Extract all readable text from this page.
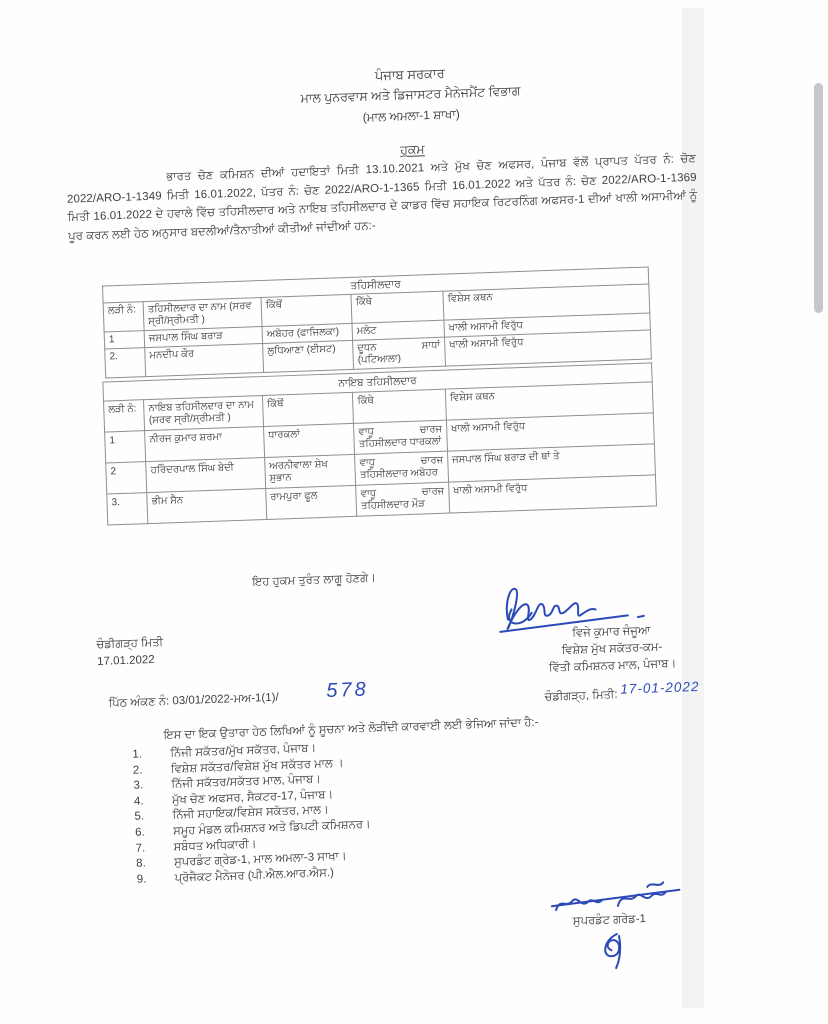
ਪੰਜਾਬ ਸਰਕਾਰ
ਮਾਲ ਪੁਨਰਵਾਸ ਅਤੇ ਡਿਜਾਸਟਰ ਮੈਨੇਜਮੈਂਟ ਵਿਭਾਗ
(ਮਾਲ ਅਮਲਾ-1 ਸ਼ਾਖਾ)
ਹੁਕਮ
ਭਾਰਤ ਚੋਣ ਕਮਿਸ਼ਨ ਦੀਆਂ ਹਦਾਇਤਾਂ ਮਿਤੀ 13.10.2021 ਅਤੇ ਮੁੱਖ ਚੋਣ ਅਫਸਰ, ਪੰਜਾਬ ਵੱਲੋਂ ਪ੍ਰਾਪਤ ਪੱਤਰ ਨੰ: ਚੋਣ 2022/ARO-1-1349 ਮਿਤੀ 16.01.2022, ਪੱਤਰ ਨੰ: ਚੋਣ 2022/ARO-1-1365 ਮਿਤੀ 16.01.2022 ਅਤੇ ਪੱਤਰ ਨੰ: ਚੋਣ 2022/ARO-1-1369 ਮਿਤੀ 16.01.2022 ਦੇ ਹਵਾਲੇ ਵਿੱਚ ਤਹਿਸੀਲਦਾਰ ਅਤੇ ਨਾਇਬ ਤਹਿਸੀਲਦਾਰ ਦੇ ਕਾਡਰ ਵਿੱਚ ਸਹਾਇਕ ਰਿਟਰਨਿੰਗ ਅਫਸਰ-1 ਦੀਆਂ ਖਾਲੀ ਅਸਾਮੀਆਂ ਨੂੰ ਪੂਰ ਕਰਨ ਲਈ ਹੇਠ ਅਨੁਸਾਰ ਬਦਲੀਆਂ/ਤੈਨਾਤੀਆਂ ਕੀਤੀਆਂ ਜਾਂਦੀਆਂ ਹਨ:-
ਤਹਿਸੀਲਦਾਰ				
ਲੜੀ ਨੰ:	ਤਹਿਸੀਲਦਾਰ ਦਾ ਨਾਮ (ਸਰਵ ਸ੍ਰੀ/ਸ੍ਰੀਮਤੀ )	ਕਿੱਥੋਂ	ਕਿੱਥੇ	ਵਿਸ਼ੇਸ ਕਥਨ
1	ਜਸਪਾਲ ਸਿੰਘ ਬਰਾੜ	ਅਬੋਹਰ (ਫਾਜਿਲਕਾ)	ਮਲੋਟ	ਖਾਲੀ ਅਸਾਮੀ ਵਿਰੁੱਧ
2.	ਮਨਦੀਪ ਕੌਰ	ਲੁਧਿਆਣਾ (ਈਸਟ)	ਦੂਧਨ ਸਾਧਾਂ (ਪਟਿਆਲਾ)	ਖਾਲੀ ਅਸਾਮੀ ਵਿਰੁੱਧ
ਨਾਇਬ ਤਹਿਸੀਲਦਾਰ				
ਲੜੀ ਨੰ:	ਨਾਇਬ ਤਹਿਸੀਲਦਾਰ ਦਾ ਨਾਮ (ਸਰਵ ਸ੍ਰੀ/ਸ੍ਰੀਮਤੀ )	ਕਿੱਥੋਂ	ਕਿੱਥੇ	ਵਿਸ਼ੇਸ ਕਥਨ
1	ਨੀਰਜ ਕੁਮਾਰ ਸ਼ਰਮਾ	ਧਾਰਕਲਾਂ	ਵਾਧੂ ਚਾਰਜ ਤਹਿਸੀਲਦਾਰ ਧਾਰਕਲਾਂ	ਖਾਲੀ ਅਸਾਮੀ ਵਿਰੁੱਧ
2	ਹਰਿੰਦਰਪਾਲ ਸਿੰਘ ਬੇਦੀ	ਅਰਨੀਵਾਲਾ ਸ਼ੇਖ ਸੁਭਾਨ	ਵਾਧੂ ਚਾਰਜ ਤਹਿਸੀਲਦਾਰ ਅਬੋਹਰ	ਜਸਪਾਲ ਸਿੰਘ ਬਰਾੜ ਦੀ ਥਾਂ ਤੇ
3.	ਭੀਮ ਸੈਨ	ਰਾਮਪੁਰਾ ਫੂਲ	ਵਾਧੂ ਚਾਰਜ ਤਹਿਸੀਲਦਾਰ ਮੌੜ	ਖਾਲੀ ਅਸਾਮੀ ਵਿਰੁੱਧ
ਇਹ ਹੁਕਮ ਤੁਰੰਤ ਲਾਗੂ ਹੋਣਗੇ।
ਵਿਜੇ ਕੁਮਾਰ ਜੰਜੂਆ
ਵਿਸ਼ੇਸ਼ ਮੁੱਖ ਸਕੱਤਰ-ਕਮ-
ਵਿੱਤੀ ਕਮਿਸ਼ਨਰ ਮਾਲ, ਪੰਜਾਬ।
ਚੰਡੀਗੜ੍ਹ ਮਿਤੀ
17.01.2022
ਪਿੱਠ ਅੰਕਣ ਨੰ: 03/01/2022-ਮਅ-1(1)/ 578	ਚੰਡੀਗੜ੍ਹ, ਮਿਤੀ: 17-01-2022
ਇਸ ਦਾ ਇਕ ਉਤਾਰਾ ਹੇਠ ਲਿਖਿਆਂ ਨੂੰ ਸੂਚਨਾ ਅਤੇ ਲੋੜੀਂਦੀ ਕਾਰਵਾਈ ਲਈ ਭੇਜਿਆ ਜਾਂਦਾ ਹੈ:-
1.	ਨਿੱਜੀ ਸਕੱਤਰ/ਮੁੱਖ ਸਕੱਤਰ, ਪੰਜਾਬ।
2.	ਵਿਸ਼ੇਸ਼ ਸਕੱਤਰ/ਵਿਸ਼ੇਸ਼ ਮੁੱਖ ਸਕੱਤਰ ਮਾਲ ।
3.	ਨਿੱਜੀ ਸਕੱਤਰ/ਸਕੱਤਰ ਮਾਲ, ਪੰਜਾਬ।
4.	ਮੁੱਖ ਚੋਣ ਅਫਸਰ, ਸੈਕਟਰ-17, ਪੰਜਾਬ।
5.	ਨਿੱਜੀ ਸਹਾਇਕ/ਵਿਸ਼ੇਸ ਸਕੱਤਰ, ਮਾਲ।
6.	ਸਮੂਹ ਮੰਡਲ ਕਮਿਸ਼ਨਰ ਅਤੇ ਡਿਪਟੀ ਕਮਿਸ਼ਨਰ।
7.	ਸਬੰਧਤ ਅਧਿਕਾਰੀ।
8.	ਸੁਪਰਡੰਟ ਗ੍ਰੇਡ-1, ਮਾਲ ਅਮਲਾ-3 ਸਾਖਾ।
9.	ਪ੍ਰੋਜੈਕਟ ਮੈਨੇਜਰ (ਪੀ.ਐਲ.ਆਰ.ਐਸ.)
ਸੁਪਰਡੰਟ ਗਰੇਡ-1
